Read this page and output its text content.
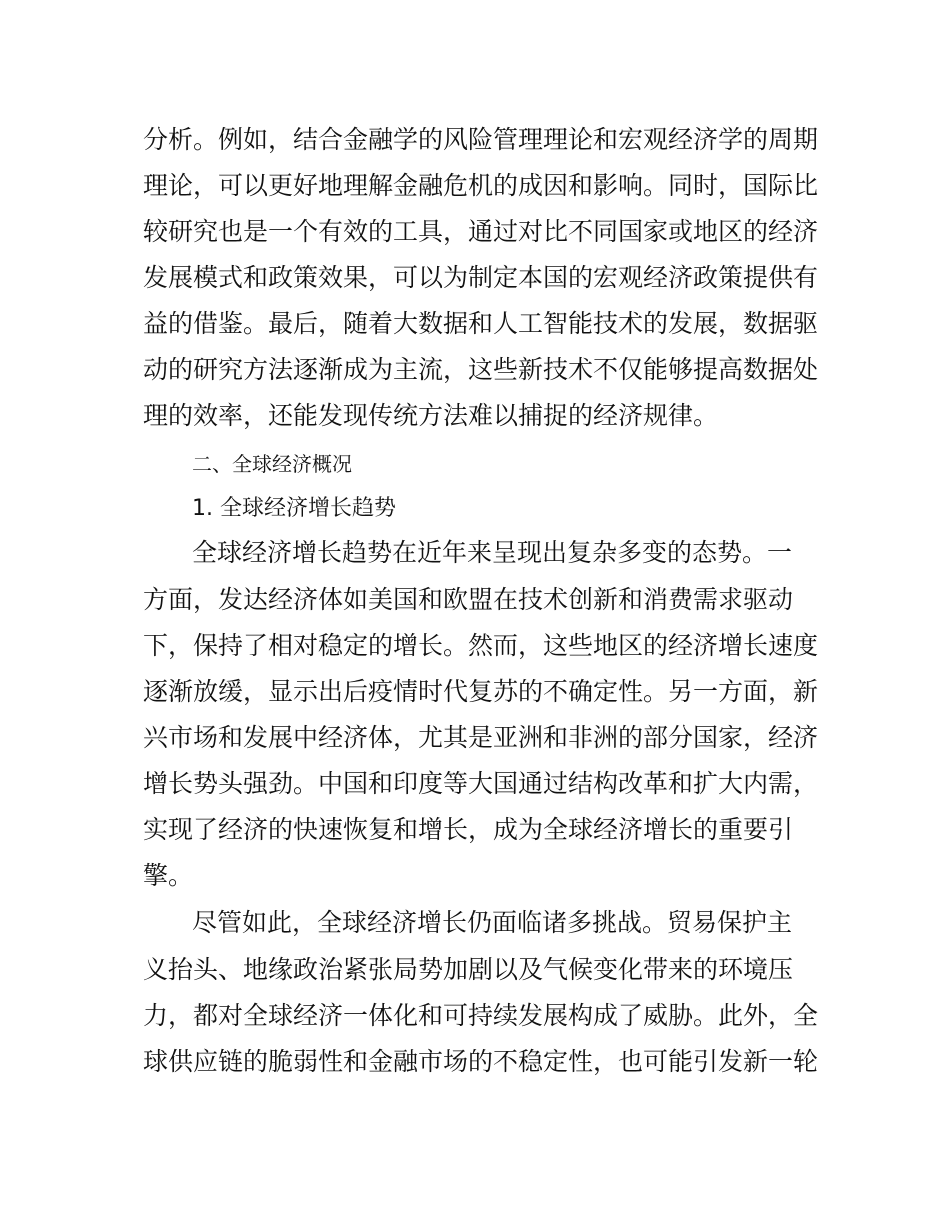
分析。例如，结合金融学的风险管理理论和宏观经济学的周期
理论，可以更好地理解金融危机的成因和影响。同时，国际比
较研究也是一个有效的工具，通过对比不同国家或地区的经济
发展模式和政策效果，可以为制定本国的宏观经济政策提供有
益的借鉴。最后，随着大数据和人工智能技术的发展，数据驱
动的研究方法逐渐成为主流，这些新技术不仅能够提高数据处
理的效率，还能发现传统方法难以捕捉的经济规律。
二、全球经济概况
1. 全球经济增长趋势
全球经济增长趋势在近年来呈现出复杂多变的态势。一
方面，发达经济体如美国和欧盟在技术创新和消费需求驱动
下，保持了相对稳定的增长。然而，这些地区的经济增长速度
逐渐放缓，显示出后疫情时代复苏的不确定性。另一方面，新
兴市场和发展中经济体，尤其是亚洲和非洲的部分国家，经济
增长势头强劲。中国和印度等大国通过结构改革和扩大内需，
实现了经济的快速恢复和增长，成为全球经济增长的重要引
擎。
尽管如此，全球经济增长仍面临诸多挑战。贸易保护主
义抬头、地缘政治紧张局势加剧以及气候变化带来的环境压
力，都对全球经济一体化和可持续发展构成了威胁。此外，全
球供应链的脆弱性和金融市场的不稳定性，也可能引发新一轮
